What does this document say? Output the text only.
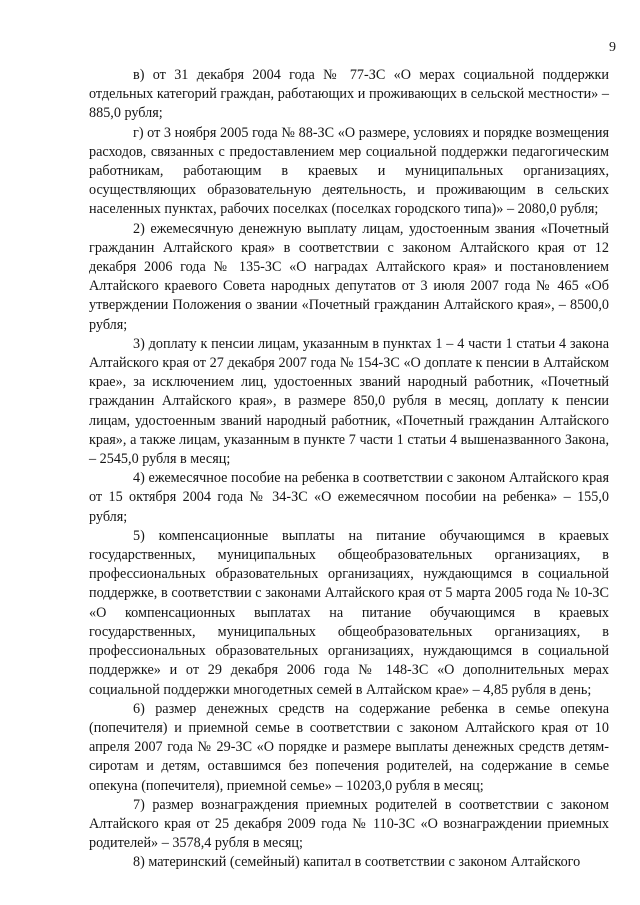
9

в) от 31 декабря 2004 года № 77-ЗС «О мерах социальной поддержки отдельных категорий граждан, работающих и проживающих в сельской местности» – 885,0 рубля;

г) от 3 ноября 2005 года № 88-ЗС «О размере, условиях и порядке возмещения расходов, связанных с предоставлением мер социальной поддержки педагогическим работникам, работающим в краевых и муниципальных организациях, осуществляющих образовательную деятельность, и проживающим в сельских населенных пунктах, рабочих поселках (поселках городского типа)» – 2080,0 рубля;

2) ежемесячную денежную выплату лицам, удостоенным звания «Почетный гражданин Алтайского края» в соответствии с законом Алтайского края от 12 декабря 2006 года № 135-ЗС «О наградах Алтайского края» и постановлением Алтайского краевого Совета народных депутатов от 3 июля 2007 года № 465 «Об утверждении Положения о звании «Почетный гражданин Алтайского края», – 8500,0 рубля;

3) доплату к пенсии лицам, указанным в пунктах 1 – 4 части 1 статьи 4 закона Алтайского края от 27 декабря 2007 года № 154-ЗС «О доплате к пенсии в Алтайском крае», за исключением лиц, удостоенных званий народный работник, «Почетный гражданин Алтайского края», в размере 850,0 рубля в месяц, доплату к пенсии лицам, удостоенным званий народный работник, «Почетный гражданин Алтайского края», а также лицам, указанным в пункте 7 части 1 статьи 4 вышеназванного Закона, – 2545,0 рубля в месяц;

4) ежемесячное пособие на ребенка в соответствии с законом Алтайского края от 15 октября 2004 года № 34-ЗС «О ежемесячном пособии на ребенка» – 155,0 рубля;

5) компенсационные выплаты на питание обучающимся в краевых государственных, муниципальных общеобразовательных организациях, в профессиональных образовательных организациях, нуждающимся в социальной поддержке, в соответствии с законами Алтайского края от 5 марта 2005 года № 10-ЗС «О компенсационных выплатах на питание обучающимся в краевых государственных, муниципальных общеобразовательных организациях, в профессиональных образовательных организациях, нуждающимся в социальной поддержке» и от 29 декабря 2006 года № 148-ЗС «О дополнительных мерах социальной поддержки многодетных семей в Алтайском крае» – 4,85 рубля в день;

6) размер денежных средств на содержание ребенка в семье опекуна (попечителя) и приемной семье в соответствии с законом Алтайского края от 10 апреля 2007 года № 29-ЗС «О порядке и размере выплаты денежных средств детям-сиротам и детям, оставшимся без попечения родителей, на содержание в семье опекуна (попечителя), приемной семье» – 10203,0 рубля в месяц;

7) размер вознаграждения приемных родителей в соответствии с законом Алтайского края от 25 декабря 2009 года № 110-ЗС «О вознаграждении приемных родителей» – 3578,4 рубля в месяц;

8) материнский (семейный) капитал в соответствии с законом Алтайского
